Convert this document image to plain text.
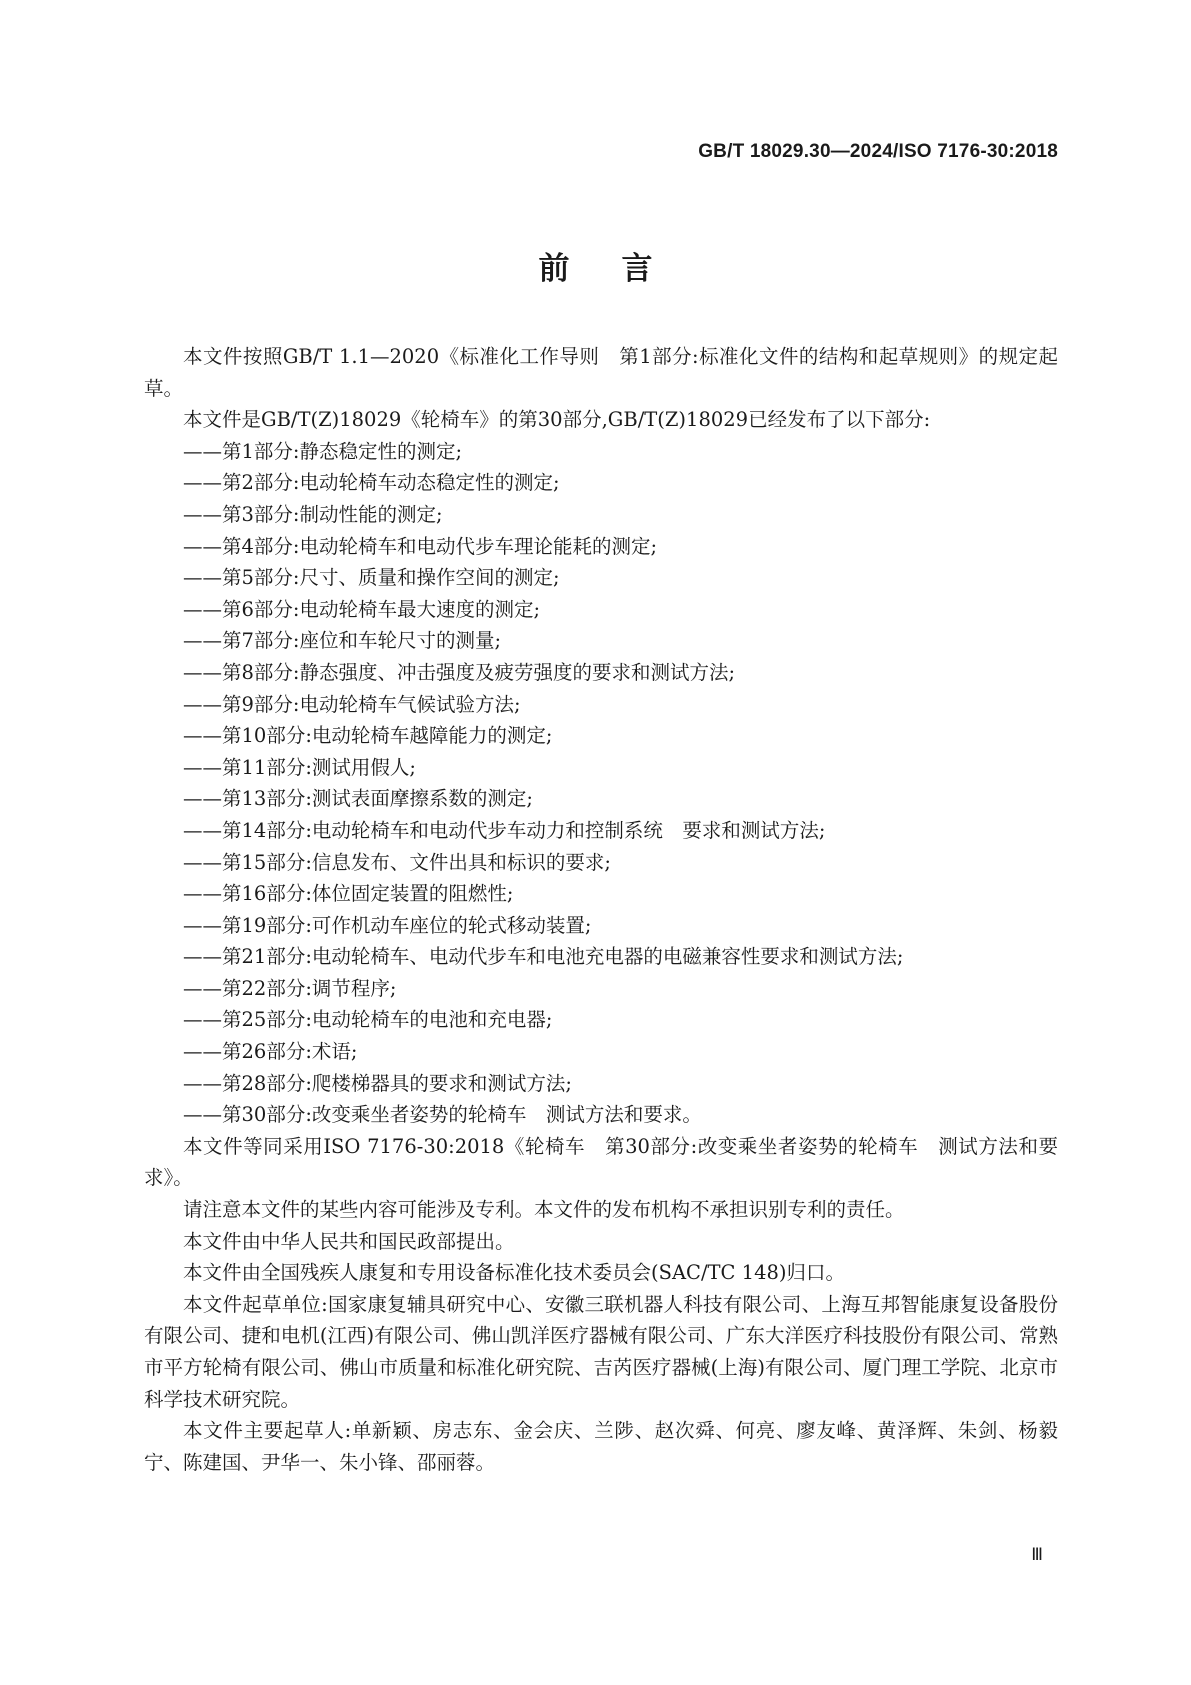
GB/T 18029.30—2024/ISO 7176-30:2018
前言

本文件按照GB/T 1.1—2020《标准化工作导则　第1部分:标准化文件的结构和起草规则》的规定起草。

本文件是GB/T(Z)18029《轮椅车》的第30部分,GB/T(Z)18029已经发布了以下部分:

——第1部分:静态稳定性的测定;
——第2部分:电动轮椅车动态稳定性的测定;
——第3部分:制动性能的测定;
——第4部分:电动轮椅车和电动代步车理论能耗的测定;
——第5部分:尺寸、质量和操作空间的测定;
——第6部分:电动轮椅车最大速度的测定;
——第7部分:座位和车轮尺寸的测量;
——第8部分:静态强度、冲击强度及疲劳强度的要求和测试方法;
——第9部分:电动轮椅车气候试验方法;
——第10部分:电动轮椅车越障能力的测定;
——第11部分:测试用假人;
——第13部分:测试表面摩擦系数的测定;
——第14部分:电动轮椅车和电动代步车动力和控制系统　要求和测试方法;
——第15部分:信息发布、文件出具和标识的要求;
——第16部分:体位固定装置的阻燃性;
——第19部分:可作机动车座位的轮式移动装置;
——第21部分:电动轮椅车、电动代步车和电池充电器的电磁兼容性要求和测试方法;
——第22部分:调节程序;
——第25部分:电动轮椅车的电池和充电器;
——第26部分:术语;
——第28部分:爬楼梯器具的要求和测试方法;
——第30部分:改变乘坐者姿势的轮椅车　测试方法和要求。

本文件等同采用ISO 7176-30:2018《轮椅车　第30部分:改变乘坐者姿势的轮椅车　测试方法和要求》。

请注意本文件的某些内容可能涉及专利。本文件的发布机构不承担识别专利的责任。

本文件由中华人民共和国民政部提出。

本文件由全国残疾人康复和专用设备标准化技术委员会(SAC/TC 148)归口。

本文件起草单位:国家康复辅具研究中心、安徽三联机器人科技有限公司、上海互邦智能康复设备股份有限公司、捷和电机(江西)有限公司、佛山凯洋医疗器械有限公司、广东大洋医疗科技股份有限公司、常熟市平方轮椅有限公司、佛山市质量和标准化研究院、吉芮医疗器械(上海)有限公司、厦门理工学院、北京市科学技术研究院。

本文件主要起草人:单新颖、房志东、金会庆、兰陟、赵次舜、何亮、廖友峰、黄泽辉、朱剑、杨毅宁、陈建国、尹华一、朱小锋、邵丽蓉。

Ⅲ
